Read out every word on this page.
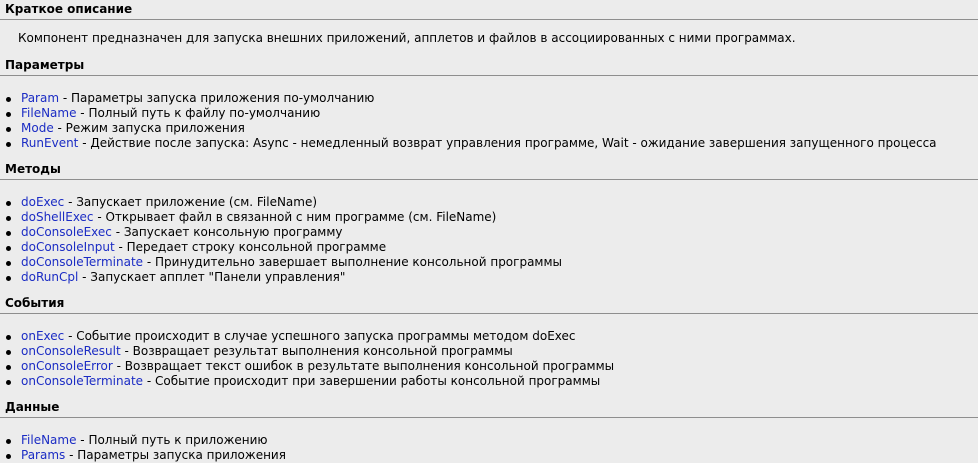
Краткое описание
Компонент предназначен для запуска внешних приложений, апплетов и файлов в ассоциированных с ними программах.
Параметры
Param - Параметры запуска приложения по-умолчанию
FileName - Полный путь к файлу по-умолчанию
Mode - Режим запуска приложения
RunEvent - Действие после запуска: Async - немедленный возврат управления программе, Wait - ожидание завершения запущенного процесса
Методы
doExec - Запускает приложение (см. FileName)
doShellExec - Открывает файл в связанной с ним программе (см. FileName)
doConsoleExec - Запускает консольную программу
doConsoleInput - Передает строку консольной программе
doConsoleTerminate - Принудительно завершает выполнение консольной программы
doRunCpl - Запускает апплет "Панели управления"
События
onExec - Событие происходит в случае успешного запуска программы методом doExec
onConsoleResult - Возвращает результат выполнения консольной программы
onConsoleError - Возвращает текст ошибок в результате выполнения консольной программы
onConsoleTerminate - Событие происходит при завершении работы консольной программы
Данные
FileName - Полный путь к приложению
Params - Параметры запуска приложения
